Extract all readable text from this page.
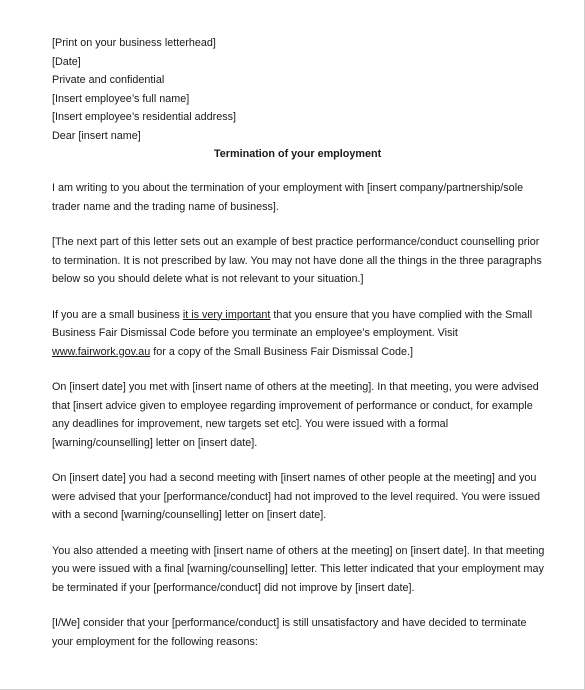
[Print on your business letterhead]
[Date]
Private and confidential
[Insert employee’s full name]
[Insert employee’s residential address]
Dear [insert name]
Termination of your employment
I am writing to you about the termination of your employment with [insert company/partnership/sole
trader name and the trading name of business].
[The next part of this letter sets out an example of best practice performance/conduct counselling prior
to termination. It is not prescribed by law. You may not have done all the things in the three paragraphs
below so you should delete what is not relevant to your situation.]
If you are a small business it is very important that you ensure that you have complied with the Small
Business Fair Dismissal Code before you terminate an employee’s employment. Visit
www.fairwork.gov.au for a copy of the Small Business Fair Dismissal Code.]
On [insert date] you met with [insert name of others at the meeting]. In that meeting, you were advised
that [insert advice given to employee regarding improvement of performance or conduct, for example
any deadlines for improvement, new targets set etc]. You were issued with a formal
[warning/counselling] letter on [insert date].
On [insert date] you had a second meeting with [insert names of other people at the meeting] and you
were advised that your [performance/conduct] had not improved to the level required. You were issued
with a second [warning/counselling] letter on [insert date].
You also attended a meeting with [insert name of others at the meeting] on [insert date]. In that meeting
you were issued with a final [warning/counselling] letter. This letter indicated that your employment may
be terminated if your [performance/conduct] did not improve by [insert date].
[I/We] consider that your [performance/conduct] is still unsatisfactory and have decided to terminate
your employment for the following reasons:
